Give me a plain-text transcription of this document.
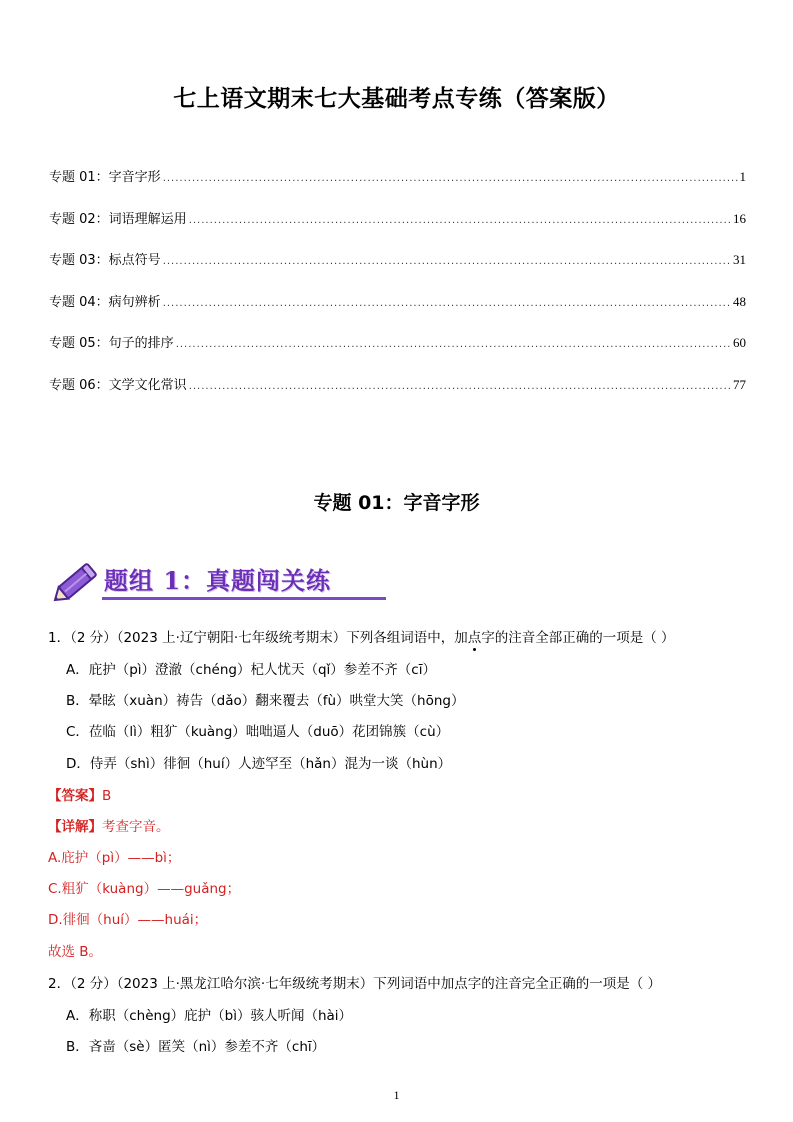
七上语文期末七大基础考点专练（答案版）
专题 01：字音字形 .....	1
专题 02：词语理解运用 .....	16
专题 03：标点符号 .....	31
专题 04：病句辨析 .....	48
专题 05：句子的排序 .....	60
专题 06：文学文化常识 .....	77
专题 01：字音字形
题组 1：真题闯关练
1．（2 分）（2023 上·辽宁朝阳·七年级统考期末）下列各组词语中，加点字的注音全部正确的一项是（ ）
A．庇护（pì）澄澈（chéng）杞人忧天（qǐ）参差不齐（cī）
B．晕眩（xuàn）祷告（dǎo）翻来覆去（fù）哄堂大笑（hōng）
C．莅临（lì）粗犷（kuàng）咄咄逼人（duō）花团锦簇（cù）
D．侍弄（shì）徘徊（huí）人迹罕至（hǎn）混为一谈（hùn）
【答案】B
【详解】考查字音。
A.庇护（pì）——bì；
C.粗犷（kuàng）——guǎng；
D.徘徊（huí）——huái；
故选 B。
2．（2 分）（2023 上·黑龙江哈尔滨·七年级统考期末）下列词语中加点字的注音完全正确的一项是（ ）
A．称职（chèng）庇护（bì）骇人听闻（hài）
B．吝啬（sè）匿笑（nì）参差不齐（chī）
1
